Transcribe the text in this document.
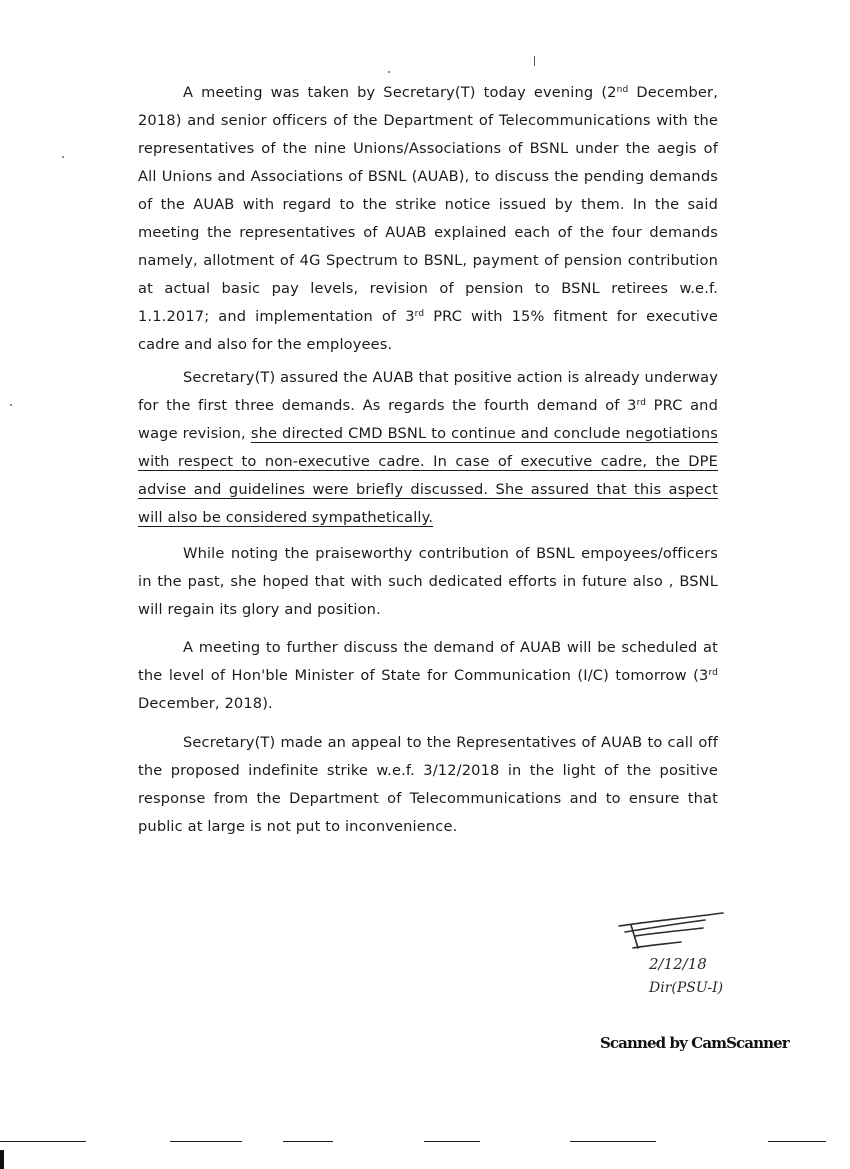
A meeting was taken by Secretary(T) today evening (2nd December, 2018) and senior officers of the Department of Telecommunications with the representatives of the nine Unions/Associations of BSNL under the aegis of All Unions and Associations of BSNL (AUAB), to discuss the pending demands of the AUAB with regard to the strike notice issued by them. In the said meeting the representatives of AUAB explained each of the four demands namely, allotment of 4G Spectrum to BSNL, payment of pension contribution at actual basic pay levels, revision of pension to BSNL retirees w.e.f. 1.1.2017; and implementation of 3rd PRC with 15% fitment for executive cadre and also for the employees.

Secretary(T) assured the AUAB that positive action is already underway for the first three demands. As regards the fourth demand of 3rd PRC and wage revision, she directed CMD BSNL to continue and conclude negotiations with respect to non-executive cadre. In case of executive cadre, the DPE advise and guidelines were briefly discussed. She assured that this aspect will also be considered sympathetically.

While noting the praiseworthy contribution of BSNL empoyees/officers in the past, she hoped that with such dedicated efforts in future also , BSNL will regain its glory and position.

A meeting to further discuss the demand of AUAB will be scheduled at the level of Hon'ble Minister of State for Communication (I/C) tomorrow (3rd December, 2018).

Secretary(T) made an appeal to the Representatives of AUAB to call off the proposed indefinite strike w.e.f. 3/12/2018 in the light of the positive response from the Department of Telecommunications and to ensure that public at large is not put to inconvenience.

2/12/18
Dir(PSU-I)
Scanned by CamScanner
